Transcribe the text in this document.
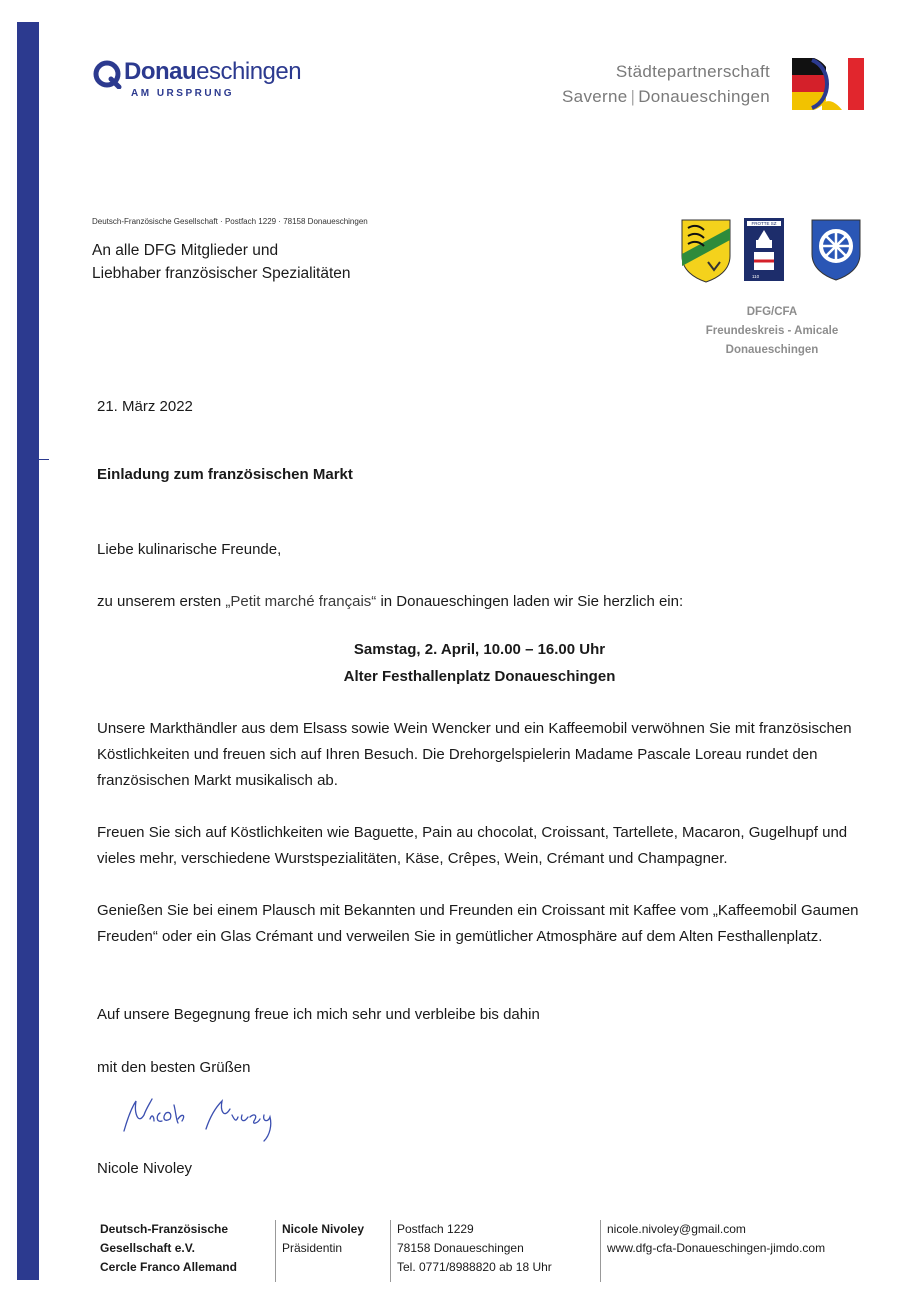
Donaueschingen
AM URSPRUNG
Städtepartnerschaft
Saverne | Donaueschingen
Deutsch-Französische Gesellschaft · Postfach 1229 · 78158 Donaueschingen
An alle DFG Mitglieder und
Liebhaber französischer Spezialitäten
FROTTE SZ
110
DFG/CFA
Freundeskreis - Amicale
Donaueschingen
21. März 2022
Einladung zum französischen Markt
Liebe kulinarische Freunde,
zu unserem ersten „Petit marché français“ in Donaueschingen laden wir Sie herzlich ein:
Samstag, 2. April, 10.00 – 16.00 Uhr
Alter Festhallenplatz Donaueschingen
Unsere Markthändler aus dem Elsass sowie Wein Wencker und ein Kaffeemobil verwöhnen Sie mit französischen Köstlichkeiten und freuen sich auf Ihren Besuch. Die Drehorgelspielerin Madame Pascale Loreau rundet den französischen Markt musikalisch ab.
Freuen Sie sich auf Köstlichkeiten wie Baguette, Pain au chocolat, Croissant, Tartellete, Macaron, Gugelhupf und vieles mehr, verschiedene Wurstspezialitäten, Käse, Crêpes, Wein, Crémant und Champagner.
Genießen Sie bei einem Plausch mit Bekannten und Freunden ein Croissant mit Kaffee vom „Kaffeemobil Gaumen Freuden“ oder ein Glas Crémant und verweilen Sie in gemütlicher Atmosphäre auf dem Alten Festhallenplatz.
Auf unsere Begegnung freue ich mich sehr und verbleibe bis dahin
mit den besten Grüßen
Nicole Nivoley
Deutsch-Französische
Gesellschaft e.V.
Cercle Franco Allemand
Nicole Nivoley
Präsidentin
Postfach 1229
78158 Donaueschingen
Tel. 0771/8988820 ab 18 Uhr
nicole.nivoley@gmail.com
www.dfg-cfa-Donaueschingen-jimdo.com
